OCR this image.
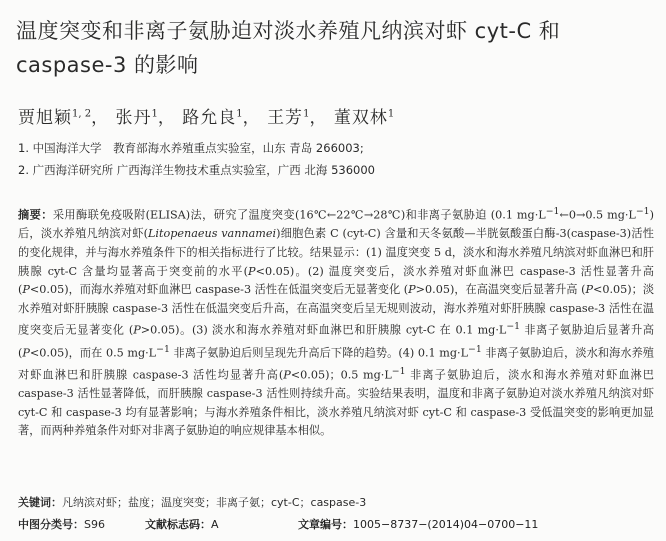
温度突变和非离子氨胁迫对淡水养殖凡纳滨对虾 cyt-C 和 caspase-3 的影响
贾旭颖$^{1, 2}$， 张丹$^1$， 路允良$^1$， 王芳$^1$， 董双林$^1$
1. 中国海洋大学　教育部海水养殖重点实验室，山东 青岛 266003;
2. 广西海洋研究所 广西海洋生物技术重点实验室，广西 北海 536000
摘要：采用酶联免疫吸附(ELISA)法，研究了温度突变(16℃←22℃→28℃)和非离子氨胁迫 (0.1 $mg\cdot L^{-1}\leftarrow 0\to 0.5$ $mg\cdot L^{-1}$)后，淡水养殖凡纳滨对虾(Litopenaeus vannamei)细胞色素 C (cyt-C) 含量和天冬氨酸—半胱氨酸蛋白酶-3(caspase-3)活性的变化规律，并与海水养殖条件下的相关指标进行了比较。结果显示：(1) 温度突变 5 d，淡水和海水养殖凡纳滨对虾血淋巴和肝胰腺 cyt-C 含量均显著高于突变前的水平(P<0.05)。(2) 温度突变后，淡水养殖对虾血淋巴 caspase-3 活性显著升高 (P<0.05)，而海水养殖对虾血淋巴 caspase-3 活性在低温突变后无显著变化 (P>0.05)，在高温突变后显著升高 (P<0.05)；淡水养殖对虾肝胰腺 caspase-3 活性在低温突变后升高，在高温突变后呈无规则波动，海水养殖对虾肝胰腺 caspase-3 活性在温度突变后无显著变化 (P>0.05)。(3) 淡水和海水养殖对虾血淋巴和肝胰腺 cyt-C 在 0.1 $mg\cdot L^{-1}$ 非离子氨胁迫后显著升高(P<0.05)，而在 0.5 $mg\cdot L^{-1}$ 非离子氨胁迫后则呈现先升高后下降的趋势。(4) 0.1 $mg\cdot L^{-1}$ 非离子氨胁迫后，淡水和海水养殖对虾血淋巴和肝胰腺 caspase-3 活性均显著升高(P<0.05)；0.5 $mg\cdot L^{-1}$ 非离子氨胁迫后，淡水和海水养殖对虾血淋巴 caspase-3 活性显著降低，而肝胰腺 caspase-3 活性则持续升高。实验结果表明，温度和非离子氨胁迫对淡水养殖凡纳滨对虾 cyt-C 和 caspase-3 均有显著影响；与海水养殖条件相比，淡水养殖凡纳滨对虾 cyt-C 和 caspase-3 受低温突变的影响更加显著，而两种养殖条件对虾对非离子氨胁迫的响应规律基本相似。
关键词：凡纳滨对虾；盐度；温度突变；非离子氨；cyt-C；caspase-3
中图分类号：S96	文献标志码：A	文章编号：1005−8737−(2014)04−0700−11
